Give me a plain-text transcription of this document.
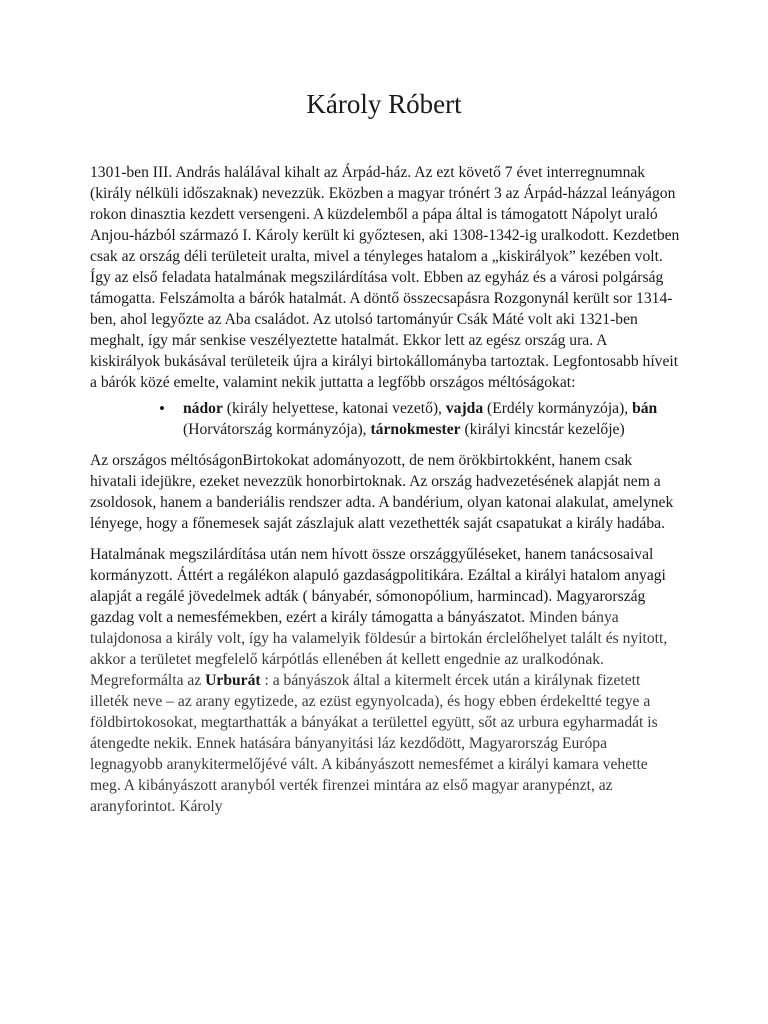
Károly Róbert

1301-ben III. András halálával kihalt az Árpád-ház. Az ezt követő 7 évet interregnumnak (király nélküli időszaknak) nevezzük. Eközben a magyar trónért 3 az Árpád-házzal leányágon rokon dinasztia kezdett versengeni. A küzdelemből a pápa által is támogatott Nápolyt uraló Anjou-házból származó I. Károly került ki győztesen, aki 1308-1342-ig uralkodott. Kezdetben csak az ország déli területeit uralta, mivel a tényleges hatalom a „kiskirályok” kezében volt. Így az első feladata hatalmának megszilárdítása volt. Ebben az egyház és a városi polgárság támogatta. Felszámolta a bárók hatalmát. A döntő összecsapásra Rozgonynál került sor 1314-ben, ahol legyőzte az Aba családot. Az utolsó tartományúr Csák Máté volt aki 1321-ben meghalt, így már senkise veszélyeztette hatalmát. Ekkor lett az egész ország ura. A kiskirályok bukásával területeik újra a királyi birtokállományba tartoztak. Legfontosabb híveit a bárók közé emelte, valamint nekik juttatta a legfőbb országos méltóságokat:

• nádor (király helyettese, katonai vezető), vajda (Erdély kormányzója), bán (Horvátország kormányzója), tárnokmester (királyi kincstár kezelője)

Az országos méltóságonBirtokokat adományozott, de nem örökbirtokként, hanem csak hivatali idejükre, ezeket nevezzük honorbirtoknak. Az ország hadvezetésének alapját nem a zsoldosok, hanem a banderiális rendszer adta. A bandérium, olyan katonai alakulat, amelynek lényege, hogy a főnemesek saját zászlajuk alatt vezethették saját csapatukat a király hadába.

Hatalmának megszilárdítása után nem hívott össze országgyűléseket, hanem tanácsosaival kormányzott. Áttért a regálékon alapuló gazdaságpolitikára. Ezáltal a királyi hatalom anyagi alapját a regálé jövedelmek adták ( bányabér, sómonopólium, harmincad). Magyarország gazdag volt a nemesfémekben, ezért a király támogatta a bányászatot. Minden bánya tulajdonosa a király volt, így ha valamelyik földesúr a birtokán érclelőhelyet talált és nyitott, akkor a területet megfelelő kárpótlás ellenében át kellett engednie az uralkodónak. Megreformálta az Urburát : a bányászok által a kitermelt ércek után a királynak fizetett illeték neve – az arany egytizede, az ezüst egynyolcada), és hogy ebben érdekeltté tegye a földbirtokosokat, megtarthatták a bányákat a területtel együtt, sőt az urbura egyharmadát is átengedte nekik. Ennek hatására bányanyitási láz kezdődött, Magyarország Európa legnagyobb aranykitermelőjévé vált. A kibányászott nemesfémet a királyi kamara vehette meg. A kibányászott aranyból verték firenzei mintára az első magyar aranypénzt, az aranyforintot. Károly
